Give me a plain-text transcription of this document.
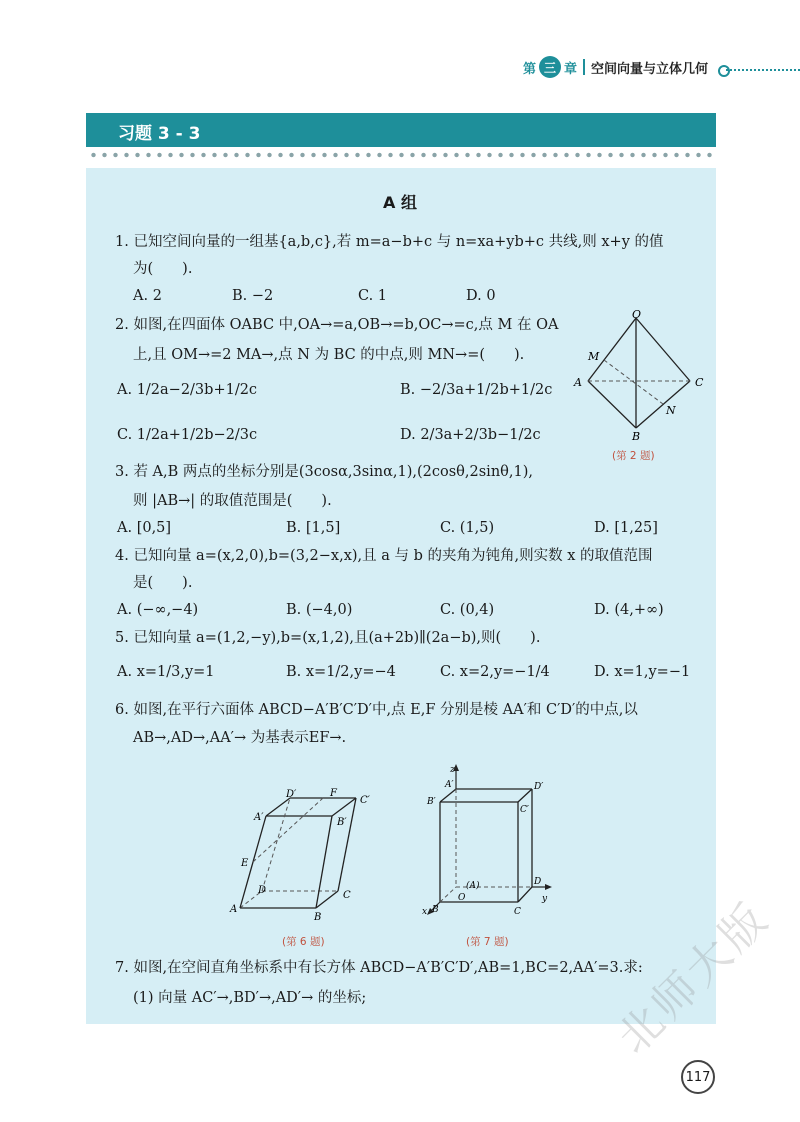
第 三 章 空间向量与立体几何
习题 3 - 3
A 组
1. 已知空间向量的一组基{a,b,c},若 m=a−b+c 与 n=xa+yb+c 共线,则 x+y 的值
为(　　).
A. 2	B. −2	C. 1	D. 0
2. 如图,在四面体 OABC 中,OA→=a,OB→=b,OC→=c,点 M 在 OA
上,且 OM→=2 MA→,点 N 为 BC 的中点,则 MN→=(　　).
A. 1/2a−2/3b+1/2c	B. −2/3a+1/2b+1/2c
C. 1/2a+1/2b−2/3c	D. 2/3a+2/3b−1/2c
O
M
A	C
N
B
(第 2 题)
3. 若 A,B 两点的坐标分别是(3cosα,3sinα,1),(2cosθ,2sinθ,1),
则 |AB→| 的取值范围是(　　).
A. [0,5]	B. [1,5]	C. (1,5)	D. [1,25]
4. 已知向量 a=(x,2,0),b=(3,2−x,x),且 a 与 b 的夹角为钝角,则实数 x 的取值范围
是(　　).
A. (−∞,−4)	B. (−4,0)	C. (0,4)	D. (4,+∞)
5. 已知向量 a=(1,2,−y),b=(x,1,2),且(a+2b)∥(2a−b),则(　　).
A. x=1/3,y=1	B. x=1/2,y=−4	C. x=2,y=−1/4	D. x=1,y=−1
6. 如图,在平行六面体 ABCD−A′B′C′D′中,点 E,F 分别是棱 AA′和 C′D′的中点,以
AB→,AD→,AA′→ 为基表示EF→.
D′	F
C′
A′	B′
E
D	C
A
B
(第 6 题)
z
A′	D′
B′
C′
(A)
O
D
y
x B	C
(第 7 题)
7. 如图,在空间直角坐标系中有长方体 ABCD−A′B′C′D′,AB=1,BC=2,AA′=3.求:
(1) 向量 AC′→,BD′→,AD′→ 的坐标;	北师大版
117
